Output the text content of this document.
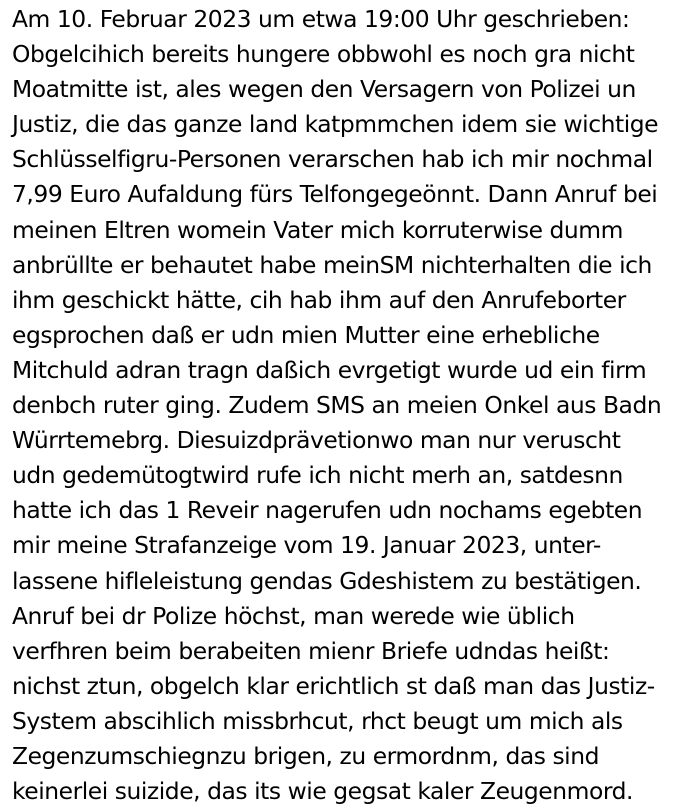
Am 10. Februar 2023 um etwa 19:00 Uhr geschrieben:
Obgelcihich bereits hungere obbwohl es noch gra nicht
Moatmitte ist, ales wegen den Versagern von Polizei un
Justiz, die das ganze land katpmmchen idem sie wichtige
Schlüsselfigru-Personen verarschen hab ich mir nochmal
7,99 Euro Aufaldung fürs Telfongegeönnt. Dann Anruf bei
meinen Eltren womein Vater mich korruterwise dumm
anbrüllte er behautet habe meinSM nichterhalten die ich
ihm geschickt hätte, cih hab ihm auf den Anrufeborter
egsprochen daß er udn mien Mutter eine erhebliche
Mitchuld adran tragn daßich evrgetigt wurde ud ein firm
denbch ruter ging. Zudem SMS an meien Onkel aus Badn
Würrtemebrg. Diesuizdprävetionwo man nur veruscht
udn gedemütogtwird rufe ich nicht merh an, satdesnn
hatte ich das 1 Reveir nagerufen udn nochams egebten
mir meine Strafanzeige vom 19. Januar 2023, unter-
lassene hifleleistung gendas Gdeshistem zu bestätigen.
Anruf bei dr Polize höchst, man werede wie üblich
verfhren beim berabeiten mienr Briefe udndas heißt:
nichst ztun, obgelch klar erichtlich st daß man das Justiz-
System abscihlich missbrhcut, rhct beugt um mich als
Zegenzumschiegnzu brigen, zu ermordnm, das sind
keinerlei suizide, das its wie gegsat kaler Zeugenmord.
